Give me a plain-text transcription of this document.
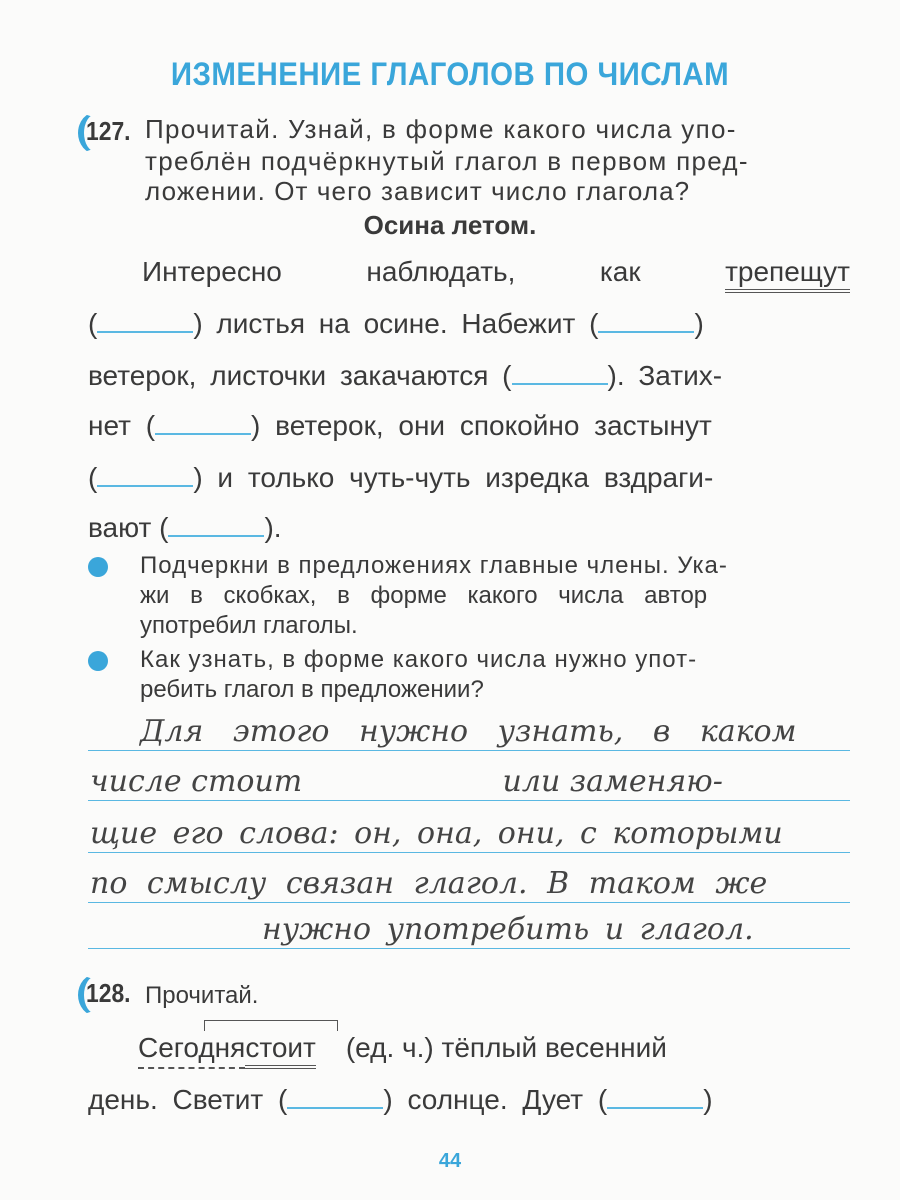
ИЗМЕНЕНИЕ ГЛАГОЛОВ ПО ЧИСЛАМ
127. Прочитай. Узнай, в форме какого числа упо-
треблён подчёркнутый глагол в первом пред-
ложении. От чего зависит число глагола?
Осина летом.
Интересно	наблюдать,	как	трепещут
(	) листья на осине. Набежит (	)
ветерок, листочки закачаются (	). Затих-
нет (	) ветерок, они спокойно застынут
(	) и только чуть-чуть изредка вздраги-
вают (	).
Подчеркни в предложениях главные члены. Ука-
жи в скобках, в форме какого числа автор
употребил глаголы.
Как узнать, в форме какого числа нужно упот-
ребить глагол в предложении?
Для этого нужно узнать, в каком
числе стоит                     или заменяю-
щие его слова: он, она, они, с которыми
по смыслу связан глагол. В таком же
нужно употребить и глагол.
128. Прочитай.
Сегодня стоит (ед. ч.) тёплый весенний
день. Светит (	) солнце. Дует (	)
44
